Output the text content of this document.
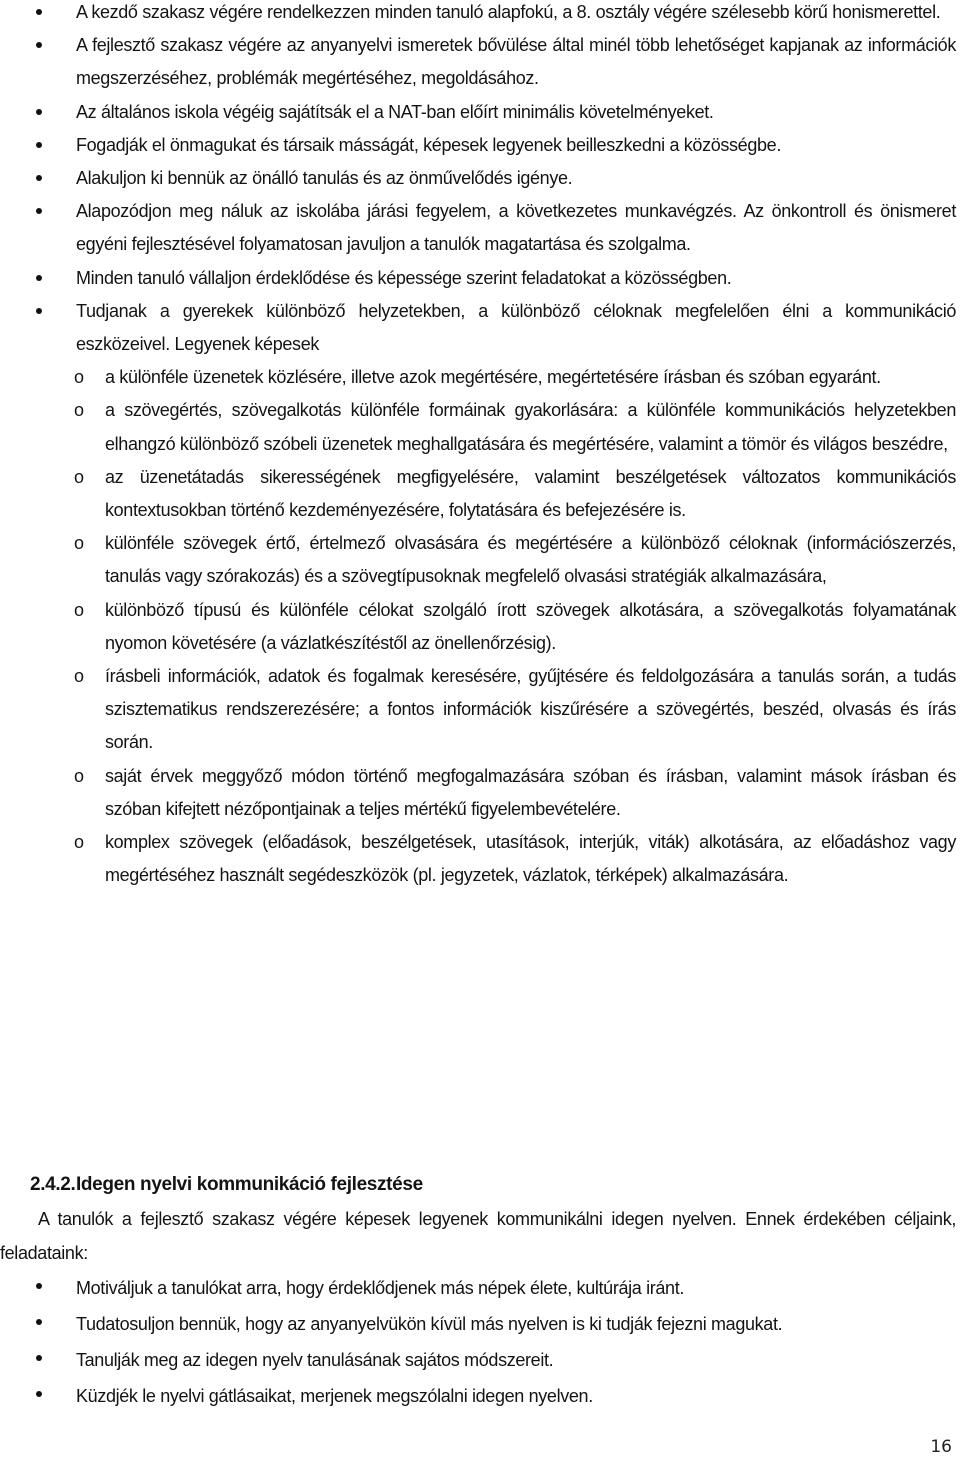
A kezdő szakasz végére rendelkezzen minden tanuló alapfokú, a 8. osztály végére szélesebb körű honismerettel.
A fejlesztő szakasz végére az anyanyelvi ismeretek bővülése által minél több lehetőséget kapjanak az információk megszerzéséhez, problémák megértéséhez, megoldásához.
Az általános iskola végéig sajátítsák el a NAT-ban előírt minimális követelményeket.
Fogadják el önmagukat és társaik másságát, képesek legyenek beilleszkedni a közösségbe.
Alakuljon ki bennük az önálló tanulás és az önművelődés igénye.
Alapozódjon meg náluk az iskolába járási fegyelem, a következetes munkavégzés. Az önkontroll és önismeret egyéni fejlesztésével folyamatosan javuljon a tanulók magatartása és szolgalma.
Minden tanuló vállaljon érdeklődése és képessége szerint feladatokat a közösségben.
Tudjanak a gyerekek különböző helyzetekben, a különböző céloknak megfelelően élni a kommunikáció eszközeivel. Legyenek képesek
o a különféle üzenetek közlésére, illetve azok megértésére, megértetésére írásban és szóban egyaránt.
o a szövegértés, szövegalkotás különféle formáinak gyakorlására: a különféle kommunikációs helyzetekben elhangzó különböző szóbeli üzenetek meghallgatására és megértésére, valamint a tömör és világos beszédre,
o az üzenetátadás sikerességének megfigyelésére, valamint beszélgetések változatos kommunikációs kontextusokban történő kezdeményezésére, folytatására és befejezésére is.
o különféle szövegek értő, értelmező olvasására és megértésére a különböző céloknak (információszerzés, tanulás vagy szórakozás) és a szövegtípusoknak megfelelő olvasási stratégiák alkalmazására,
o különböző típusú és különféle célokat szolgáló írott szövegek alkotására, a szövegalkotás folyamatának nyomon követésére (a vázlatkészítéstől az önellenőrzésig).
o írásbeli információk, adatok és fogalmak keresésére, gyűjtésére és feldolgozására a tanulás során, a tudás szisztematikus rendszerezésére; a fontos információk kiszűrésére a szövegértés, beszéd, olvasás és írás során.
o saját érvek meggyőző módon történő megfogalmazására szóban és írásban, valamint mások írásban és szóban kifejtett nézőpontjainak a teljes mértékű figyelembevételére.
o komplex szövegek (előadások, beszélgetések, utasítások, interjúk, viták) alkotására, az előadáshoz vagy megértéséhez használt segédeszközök (pl. jegyzetek, vázlatok, térképek) alkalmazására.
2.4.2.Idegen nyelvi kommunikáció fejlesztése

A tanulók a fejlesztő szakasz végére képesek legyenek kommunikálni idegen nyelven. Ennek érdekében céljaink, feladataink:

Motiváljuk a tanulókat arra, hogy érdeklődjenek más népek élete, kultúrája iránt.
Tudatosuljon bennük, hogy az anyanyelvükön kívül más nyelven is ki tudják fejezni magukat.
Tanulják meg az idegen nyelv tanulásának sajátos módszereit.
Küzdjék le nyelvi gátlásaikat, merjenek megszólalni idegen nyelven.
16
